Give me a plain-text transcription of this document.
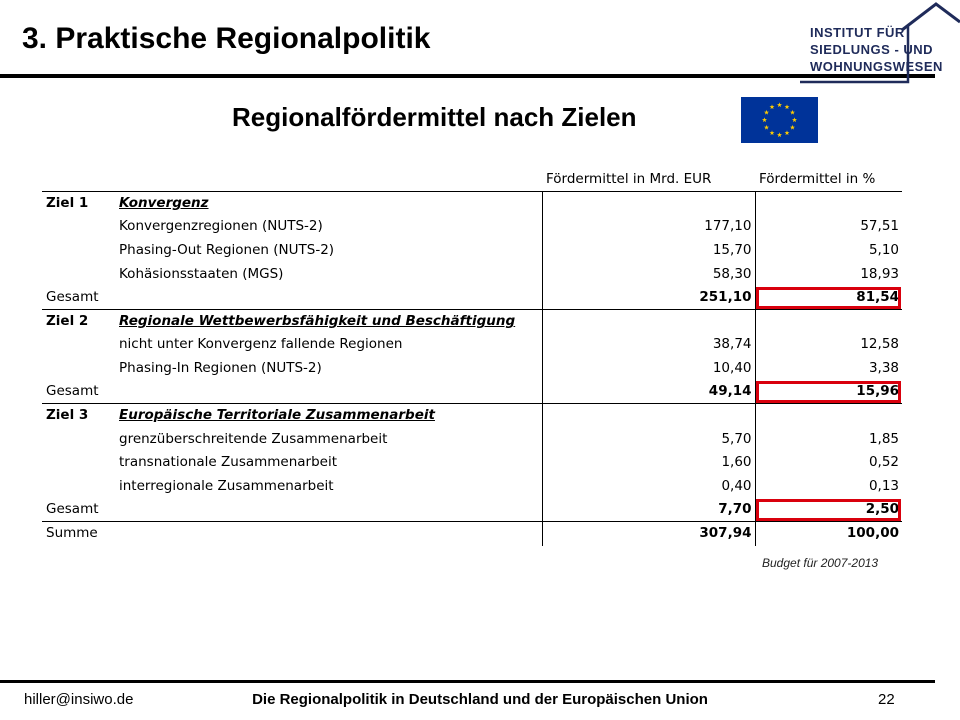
3. Praktische Regionalpolitik	INSTITUT FÜR
SIEDLUNGS - UND
WOHNUNGSWESEN
Regionalfördermittel nach Zielen
		Fördermittel in Mrd. EUR	Fördermittel in %
Ziel 1	Konvergenz		
	Konvergenzregionen (NUTS-2)	177,10	57,51
	Phasing-Out Regionen (NUTS-2)	15,70	5,10
	Kohäsionsstaaten (MGS)	58,30	18,93
Gesamt		251,10	81,54
Ziel 2	Regionale Wettbewerbsfähigkeit und Beschäftigung		
	nicht unter Konvergenz fallende Regionen	38,74	12,58
	Phasing-In Regionen (NUTS-2)	10,40	3,38
Gesamt		49,14	15,96
Ziel 3	Europäische Territoriale Zusammenarbeit		
	grenzüberschreitende Zusammenarbeit	5,70	1,85
	transnationale Zusammenarbeit	1,60	0,52
	interregionale Zusammenarbeit	0,40	0,13
Gesamt		7,70	2,50
Summe		307,94	100,00
Budget für 2007-2013
hiller@insiwo.de	Die Regionalpolitik in Deutschland und der Europäischen Union	22
